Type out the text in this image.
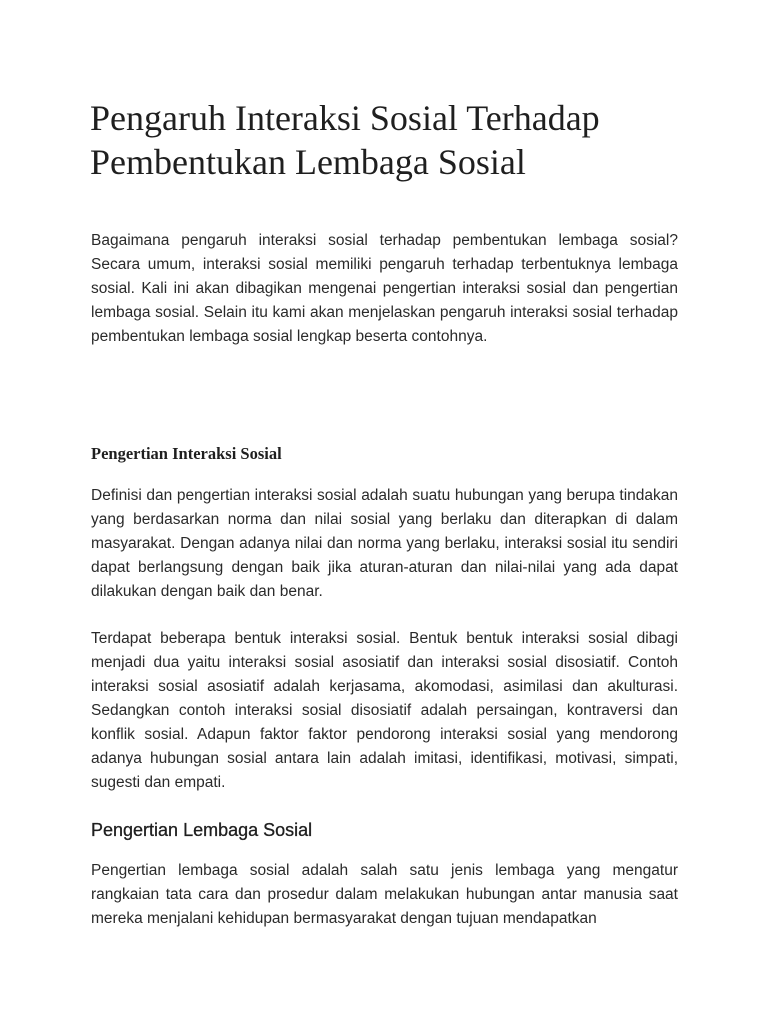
Pengaruh Interaksi Sosial Terhadap Pembentukan Lembaga Sosial

Bagaimana pengaruh interaksi sosial terhadap pembentukan lembaga sosial? Secara umum, interaksi sosial memiliki pengaruh terhadap terbentuknya lembaga sosial. Kali ini akan dibagikan mengenai pengertian interaksi sosial dan pengertian lembaga sosial. Selain itu kami akan menjelaskan pengaruh interaksi sosial terhadap pembentukan lembaga sosial lengkap beserta contohnya.

Pengertian Interaksi Sosial

Definisi dan pengertian interaksi sosial adalah suatu hubungan yang berupa tindakan yang berdasarkan norma dan nilai sosial yang berlaku dan diterapkan di dalam masyarakat. Dengan adanya nilai dan norma yang berlaku, interaksi sosial itu sendiri dapat berlangsung dengan baik jika aturan-aturan dan nilai-nilai yang ada dapat dilakukan dengan baik dan benar.

Terdapat beberapa bentuk interaksi sosial. Bentuk bentuk interaksi sosial dibagi menjadi dua yaitu interaksi sosial asosiatif dan interaksi sosial disosiatif. Contoh interaksi sosial asosiatif adalah kerjasama, akomodasi, asimilasi dan akulturasi. Sedangkan contoh interaksi sosial disosiatif adalah persaingan, kontraversi dan konflik sosial. Adapun faktor faktor pendorong interaksi sosial yang mendorong adanya hubungan sosial antara lain adalah imitasi, identifikasi, motivasi, simpati, sugesti dan empati.

Pengertian Lembaga Sosial

Pengertian lembaga sosial adalah salah satu jenis lembaga yang mengatur rangkaian tata cara dan prosedur dalam melakukan hubungan antar manusia saat mereka menjalani kehidupan bermasyarakat dengan tujuan mendapatkan
